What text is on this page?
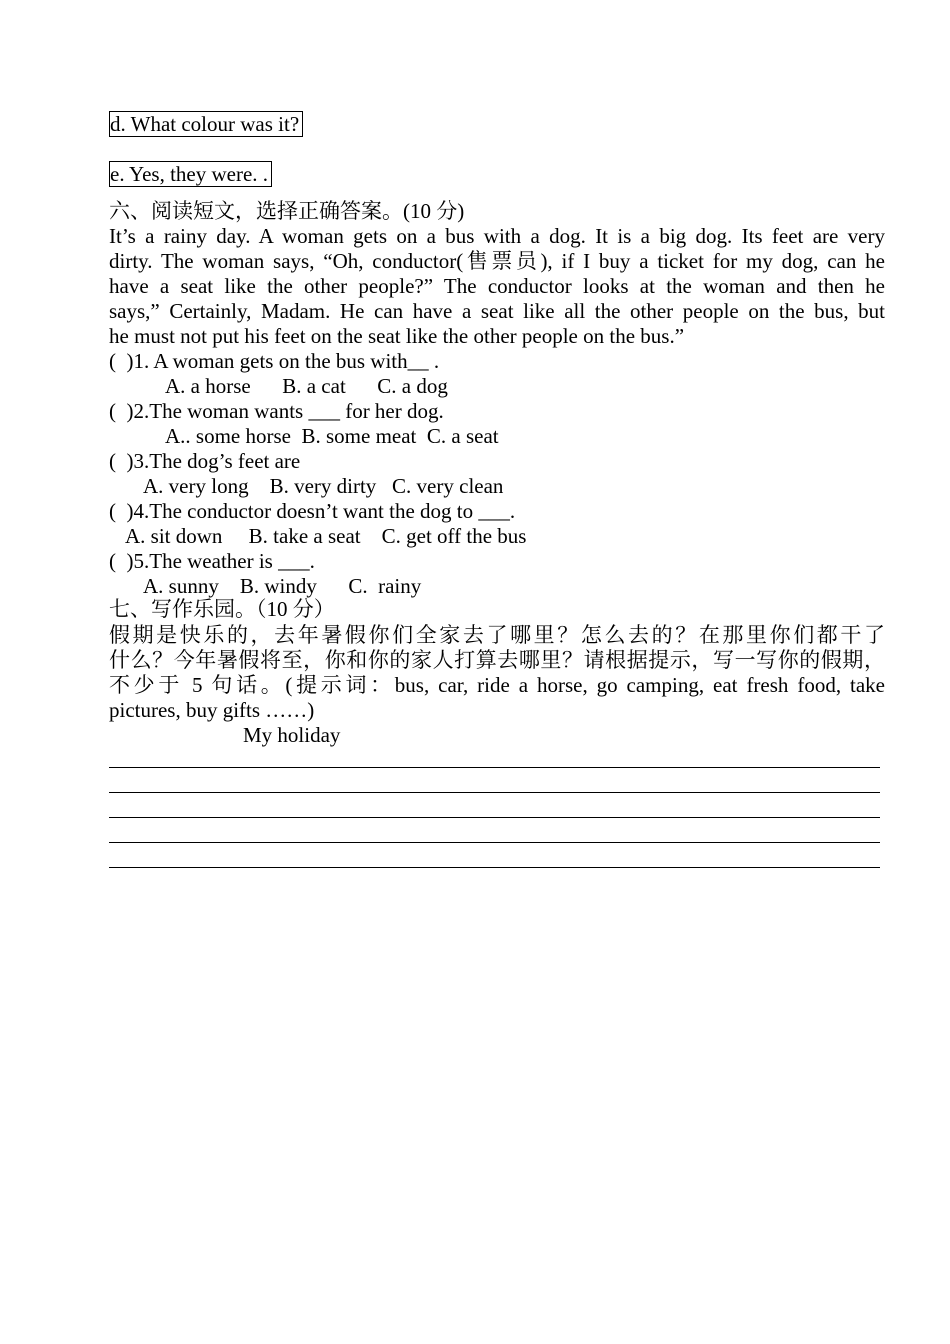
d. What colour was it?
e. Yes, they were. .
六、阅读短文，选择正确答案。(10 分)
It’s a rainy day. A woman gets on a bus with a dog. It is a big dog. Its feet are very
dirty. The woman says, “Oh, conductor(售票员), if I buy a ticket for my dog, can he
have a seat like the other people?” The conductor looks at the woman and then he
says,” Certainly, Madam. He can have a seat like all the other people on the bus, but
he must not put his feet on the seat like the other people on the bus.”
(  )1. A woman gets on the bus with__ .
A. a horse      B. a cat      C. a dog
(  )2.The woman wants ___ for her dog.
A.. some horse  B. some meat  C. a seat
(  )3.The dog’s feet are
A. very long    B. very dirty   C. very clean
(  )4.The conductor doesn’t want the dog to ___.
A. sit down     B. take a seat    C. get off the bus
(  )5.The weather is ___.
A. sunny    B. windy      C.  rainy
七、写作乐园。（10 分）
假期是快乐的，去年暑假你们全家去了哪里？怎么去的？在那里你们都干了
什么？今年暑假将至，你和你的家人打算去哪里？请根据提示，写一写你的假期，
不少于 5 句话。(提示词：bus, car, ride a horse, go camping, eat fresh food, take
pictures, buy gifts ……)
My holiday
